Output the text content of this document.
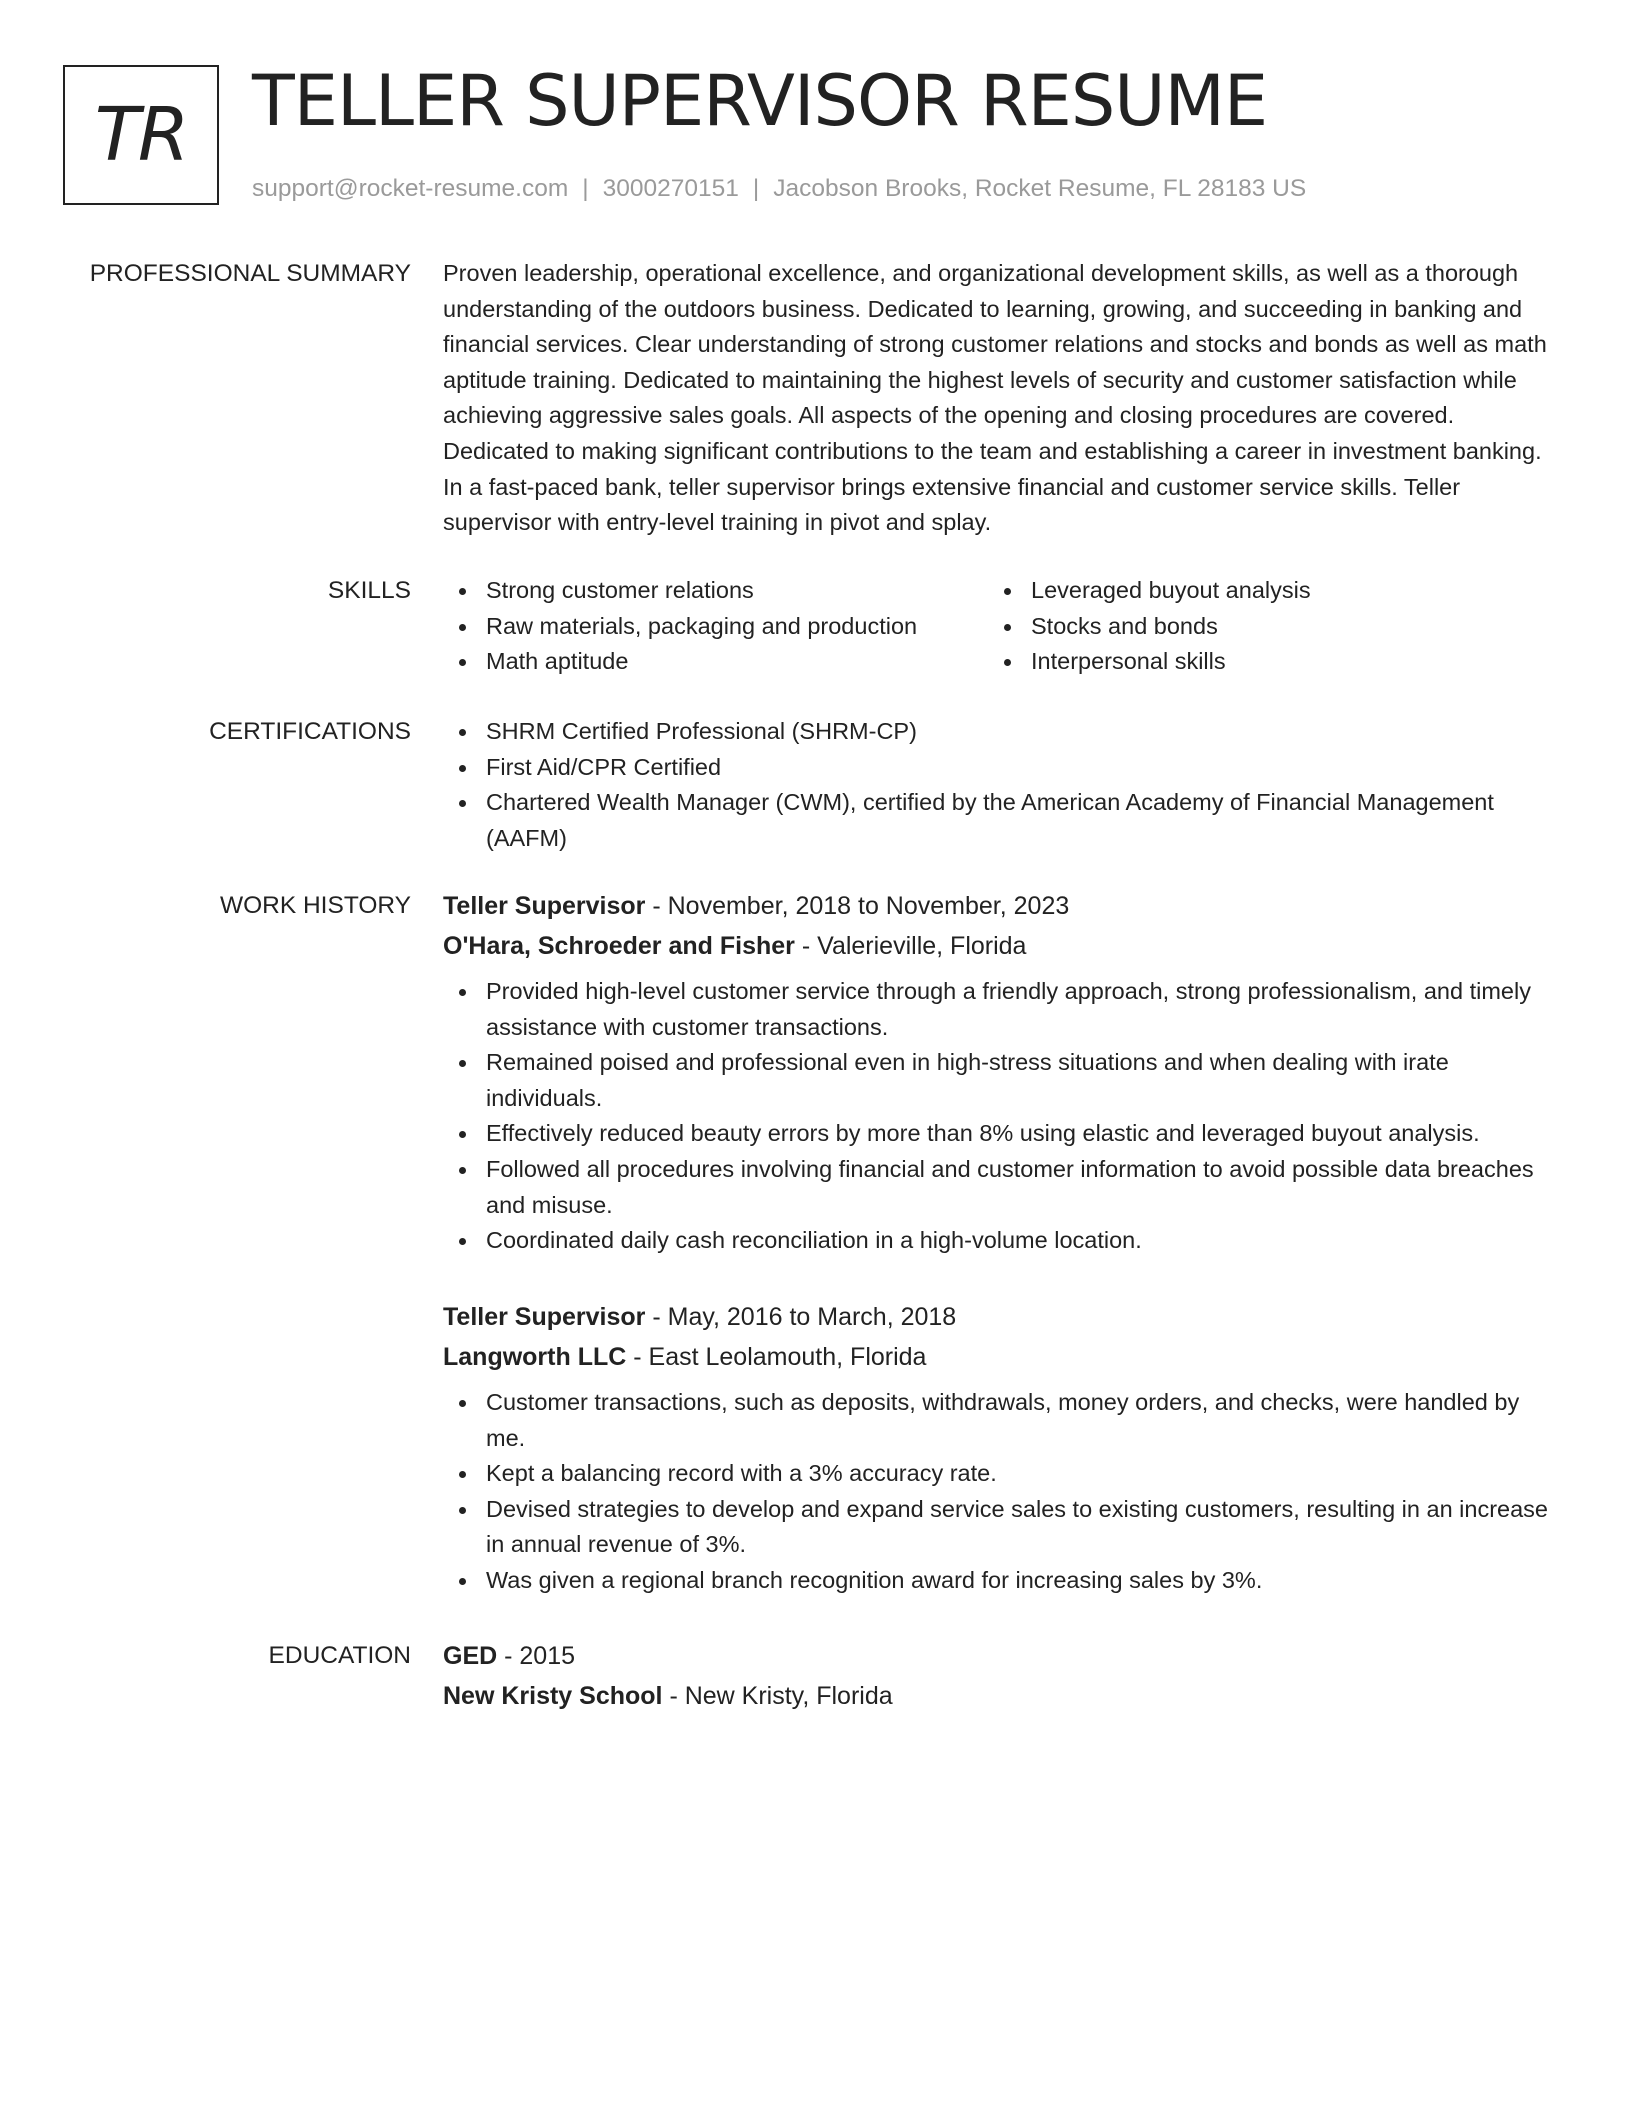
TR TELLER SUPERVISOR RESUME
support@rocket-resume.com | 3000270151 | Jacobson Brooks, Rocket Resume, FL 28183 US
PROFESSIONAL SUMMARY Proven leadership, operational excellence, and organizational development skills, as well as a thorough understanding of the outdoors business. Dedicated to learning, growing, and succeeding in banking and financial services. Clear understanding of strong customer relations and stocks and bonds as well as math aptitude training. Dedicated to maintaining the highest levels of security and customer satisfaction while achieving aggressive sales goals. All aspects of the opening and closing procedures are covered. Dedicated to making significant contributions to the team and establishing a career in investment banking. In a fast-paced bank, teller supervisor brings extensive financial and customer service skills. Teller supervisor with entry-level training in pivot and splay.

SKILLS	Strong customer relations
Raw materials, packaging and production
Math aptitude
Leveraged buyout analysis
Stocks and bonds
Interpersonal skills
CERTIFICATIONS	SHRM Certified Professional (SHRM-CP)
First Aid/CPR Certified
Chartered Wealth Manager (CWM), certified by the American Academy of Financial Management (AAFM)
WORK HISTORY Teller Supervisor - November, 2018 to November, 2023
O'Hara, Schroeder and Fisher - Valerieville, Florida
Provided high-level customer service through a friendly approach, strong professionalism, and timely assistance with customer transactions.
Remained poised and professional even in high-stress situations and when dealing with irate individuals.
Effectively reduced beauty errors by more than 8% using elastic and leveraged buyout analysis.
Followed all procedures involving financial and customer information to avoid possible data breaches and misuse.
Coordinated daily cash reconciliation in a high-volume location.
Teller Supervisor - May, 2016 to March, 2018
Langworth LLC - East Leolamouth, Florida
Customer transactions, such as deposits, withdrawals, money orders, and checks, were handled by me.
Kept a balancing record with a 3% accuracy rate.
Devised strategies to develop and expand service sales to existing customers, resulting in an increase in annual revenue of 3%.
Was given a regional branch recognition award for increasing sales by 3%.
EDUCATION GED - 2015
New Kristy School - New Kristy, Florida
